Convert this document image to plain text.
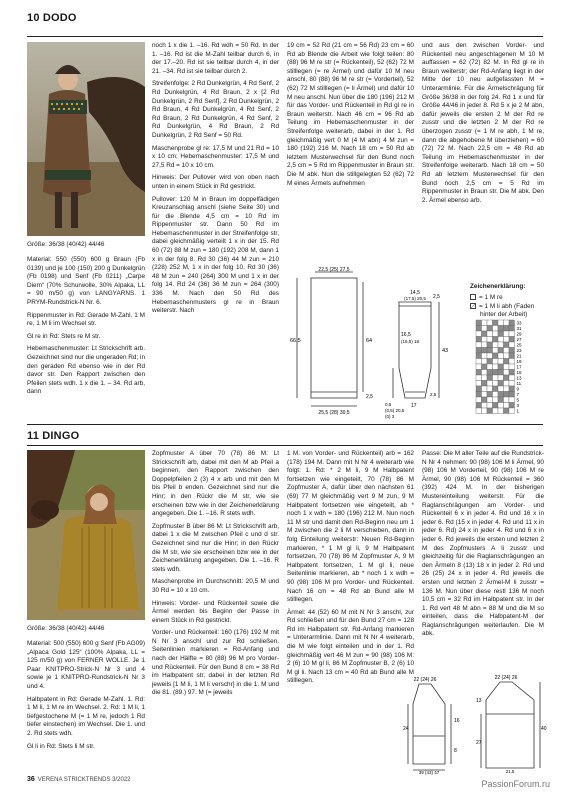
10 DODO
Größe: 36/38 (40/42) 44/46

Material: 550 (550) 600 g Braun (Fb 0139) und je 100 (150) 200 g Dunkelgrün (Fb 0198) und Senf (Fb 0211) „Carpe Diem“ (70% Schurwolle, 30% Alpaka, LL = 90 m/50 g) von LANGYARNS. 1 PRYM-Rundstrick-N Nr. 6.

Rippenmuster in Rd: Gerade M-Zahl. 1 M re, 1 M li im Wechsel str.

Gl re in Rd: Stets re M str.

Hebemaschenmuster: Lt Strickschrift arb. Gezeichnet sind nur die ungeraden Rd; in den geraden Rd ebenso wie in der Rd davor str. Den Rapport zwischen den Pfeilen stets wdh. 1 x die 1. – 34. Rd arb, dann

noch 1 x die 1. –16. Rd wdh = 50 Rd. In der 1. –16. Rd ist die M-Zahl teilbar durch 6, in der 17.–20. Rd ist sie teilbar durch 4, in der 21. –34. Rd ist sie teilbar durch 2.

Streifenfolge: 2 Rd Dunkelgrün, 4 Rd Senf, 2 Rd Dunkelgrün, 4 Rd Braun, 2 x [2 Rd Dunkelgrün, 2 Rd Senf], 2 Rd Dunkelgrün, 2 Rd Braun, 4 Rd Dunkelgrün, 4 Rd Senf, 2 Rd Braun, 2 Rd Dunkelgrün, 4 Rd Senf, 2 Rd Dunkelgrün, 4 Rd Braun, 2 Rd Dunkelgrün, 2 Rd Senf = 50 Rd.

Maschenprobe gl re: 17,5 M und 21 Rd = 10 x 10 cm; Hebemaschenmuster: 17,5 M und 27,5 Rd = 10 x 10 cm.

Hinweis: Der Pullover wird von oben nach unten in einem Stück in Rd gestrickt.

Pullover: 120 M in Braun im doppelfädigen Kreuzanschlag anschl (siehe Seite 30) und für die Blende 4,5 cm = 10 Rd im Rippenmuster str. Dann 50 Rd im Hebemaschenmuster in der Streifenfolge str, dabei gleichmäßig verteilt 1 x in der 15. Rd 60 (72) 88 M zun = 180 (192) 208 M, dann 1 x in der folg 8. Rd 30 (36) 44 M zun = 210 (228) 252 M, 1 x in der folg 10. Rd 30 (36) 48 M zun = 240 (264) 300 M und 1 x in der folg 14. Rd 24 (36) 36 M zun = 264 (300) 336 M. Nach den 50 Rd des Hebemaschenmusters gl re in Braun weiterstr. Nach

19 cm = 52 Rd (21 cm = 56 Rd) 23 cm = 60 Rd ab Blende die Arbeit wie folgt teilen: 80 (88) 96 M re str (= Rückenteil), 52 (62) 72 M stilllegen (= re Ärmel) und dafür 10 M neu anschl, 80 (88) 96 M re str (= Vorderteil), 52 (62) 72 M stilllegen (= li Ärmel) und dafür 10 M neu anschl. Nun über die 180 (196) 212 M für das Vorder- und Rückenteil in Rd gl re in Braun weiterstr. Nach 46 cm = 96 Rd ab Teilung im Hebemaschenmuster in der Streifenfolge weiterarb, dabei in der 1. Rd gleichmäßig vert 0 M (4 M abn) 4 M zun = 180 (192) 216 M. Nach 18 cm = 50 Rd ab letztem Musterwechsel für den Bund noch 2,5 cm = 5 Rd im Rippenmuster in Braun str. Die M abk. Nun die stillgelegten 52 (62) 72 M eines Ärmels aufnehmen

und aus den zwischen Vorder- und Rückenteil neu angeschlagenen M 10 M auffassen = 62 (72) 82 M. In Rd gl re in Braun weiterstr; der Rd-Anfang liegt in der Mitte der 10 neu aufgefassten M = Unterarmlinie. Für die Ärmelschrägung für Größe 36/38 in der folg 24. Rd 1 x und für Größe 44/46 in jeder 8. Rd 5 x je 2 M abn, dafür jeweils die ersten 2 M der Rd re zusstr und die letzten 2 M der Rd re überzogen zusstr (= 1 M re abh, 1 M re, dann die abgehobene M überziehen) = 60 (72) 72 M. Nach 22,5 cm = 48 Rd ab Teilung im Hebemaschenmuster in der Streifenfolge weiterarb. Nach 18 cm = 50 Rd ab letztem Musterwechsel für den Bund noch 2,5 cm = 5 Rd im Rippenmuster in Braun str. Die M abk. Den 2. Ärmel ebenso arb.

22,5 (25) 27,5
66,5	64
2,5
25,5 (28) 30,5
2,5
14,5
(17,5) 20,5
16,5
(16,5) 18
43
2,5
0,5
(0,5) 20,5
17
(0) 3
Zeichenerklärung:
= 1 M re
= 1 M li abh (Faden hinter der Arbeit)
33
31
29
27
25
23
21
19
17
15
13
11
9
7
5
3
1
11 DINGO
Größe: 36/38 (40/42) 44/46

Material: 500 (550) 600 g Senf (Fb AG09) „Alpaca Gold 125“ (100% Alpaka, LL = 125 m/50 g) von FERNER WOLLE. Je 1 Paar KNITPRO-Strick-N Nr 3 und 4 sowie je 1 KNITPRO-Rundstrick-N Nr 3 und 4.

Halbpatent in Rd: Gerade M-Zahl. 1. Rd: 1 M li, 1 M re im Wechsel. 2. Rd: 1 M li, 1 tiefgestochene M (= 1 M re, jedoch 1 Rd tiefer einstechen) im Wechsel. Die 1. und 2. Rd stets wdh.

Gl li in Rd: Stets li M str.

Zopfmuster A über 70 (78) 86 M: Lt Strickschrift arb, dabei mit den M ab Pfeil a beginnen, den Rapport zwischen den Doppelpfeilen 2 (3) 4 x arb und mit den M bis Pfeil b enden. Gezeichnet sind nur die Hinr; in den Rückr die M str, wie sie erscheinen bzw wie in der Zeichenerklärung angegeben. Die 1. –16. R stets wdh.

Zopfmuster B über 86 M: Lt Strickschrift arb, dabei 1 x die M zwischen Pfeil c und d str. Gezeichnet sind nur die Hinr; in den Rückr die M str, wie sie erscheinen bzw wie in der Zeichenerklärung angegeben. Die 1. –16. R stets wdh.

Maschenprobe im Durchschnitt: 20,5 M und 30 Rd = 10 x 10 cm.

Hinweis: Vorder- und Rückenteil sowie die Ärmel werden bis Beginn der Passe in einem Stück in Rd gestrickt.

Vorder- und Rückenteil: 160 (176) 192 M mit N Nr 3 anschl und zur Rd schließen. Seitenlinien markieren = Rd-Anfang und nach der Hälfte = 80 (88) 96 M pro Vorder- und Rückenteil. Für den Bund 8 cm = 38 Rd im Halbpatent str, dabei in der letzten Rd jeweils [1 M li, 1 M li verschr] in die 1. M und die 81. (89.) 97. M (= jeweils

1 M. von Vorder- und Rückenteil) arb = 162 (178) 194 M. Dann mit N Nr 4 weiterarb wie folgt: 1. Rd: * 2 M li, 9 M Halbpatent fortsetzen wie eingeteilt, 70 (78) 86 M Zopfmuster A, dafür über den nächsten 61 (69) 77 M gleichmäßig vert 9 M zun, 9 M Halbpatent fortsetzen wie eingeteilt, ab * noch 1 x wdh = 180 (196) 212 M. Nun noch 11 M str und damit den Rd-Beginn neu um 1 M zwischen die 2 li M verschieben, dann in folg Einteilung weiterstr: Neuen Rd-Beginn markieren, * 1 M gl li, 9 M Halbpatent fortsetzen, 70 (78) 86 M Zopfmuster A, 9 M Halbpatent fortsetzen, 1 M gl li, neue Seitenlinie markieren, ab * noch 1 x wdh = 90 (98) 106 M pro Vorder- und Rückenteil. Nach 16 cm = 48 Rd ab Bund alle M stilllegen.

Ärmel: 44 (52) 60 M mit N Nr 3 anschl, zur Rd schließen und für den Bund 27 cm = 128 Rd im Halbpatent str. Rd-Anfang markieren = Unterarmlinie. Dann mit N Nr 4 weiterarb, die M wie folgt einteilen und in der 1. Rd gleichmäßig vert 46 M zun = 90 (98) 106 M: 2 (6) 10 M gl li, 86 M Zopfmuster B, 2 (6) 10 M gl li. Nach 13 cm = 40 Rd ab Bund alle M stilllegen.

Passe: Die M aller Teile auf die Rundstrick-N Nr 4 nehmen: 90 (98) 106 M li Ärmel, 90 (98) 106 M Vorderteil, 90 (98) 106 M re Ärmel, 90 (98) 106 M Rückenteil = 360 (392) 424 M. In der bisherigen Mustereinteilung weiterstr. Für die Raglanschrägungen am Vorder- und Rückenteil 6 x in jeder 4. Rd und 16 x in jeder 6. Rd (15 x in jeder 4. Rd und 11 x in jeder 6. Rd) 24 x in jeder 4. Rd und 6 x in jeder 6. Rd jeweils die ersten und letzten 2 M des Zopfmusters A li zusstr und gleichzeitig für die Raglanschrägungen an den Ärmeln 8 (13) 18 x in jeder 2. Rd und 26 (25) 24 x in jeder 4. Rd jeweils die ersten und letzten 2 Ärmel-M li zusstr = 136 M. Nun über diese restl 136 M noch 10,5 cm = 32 Rd im Halbpatent str. In der 1. Rd vert 48 M abn = 88 M und die M so einteilen, dass die Halbpatent-M der Raglanschrägungen weiterlaufen. Die M abk.

22 (24) 26
24
16
8
39 (43) 47
22 (24) 26
13
27
40
21,5
36 VERENA STRICKTRENDS 3/2022	PassionForum.ru
